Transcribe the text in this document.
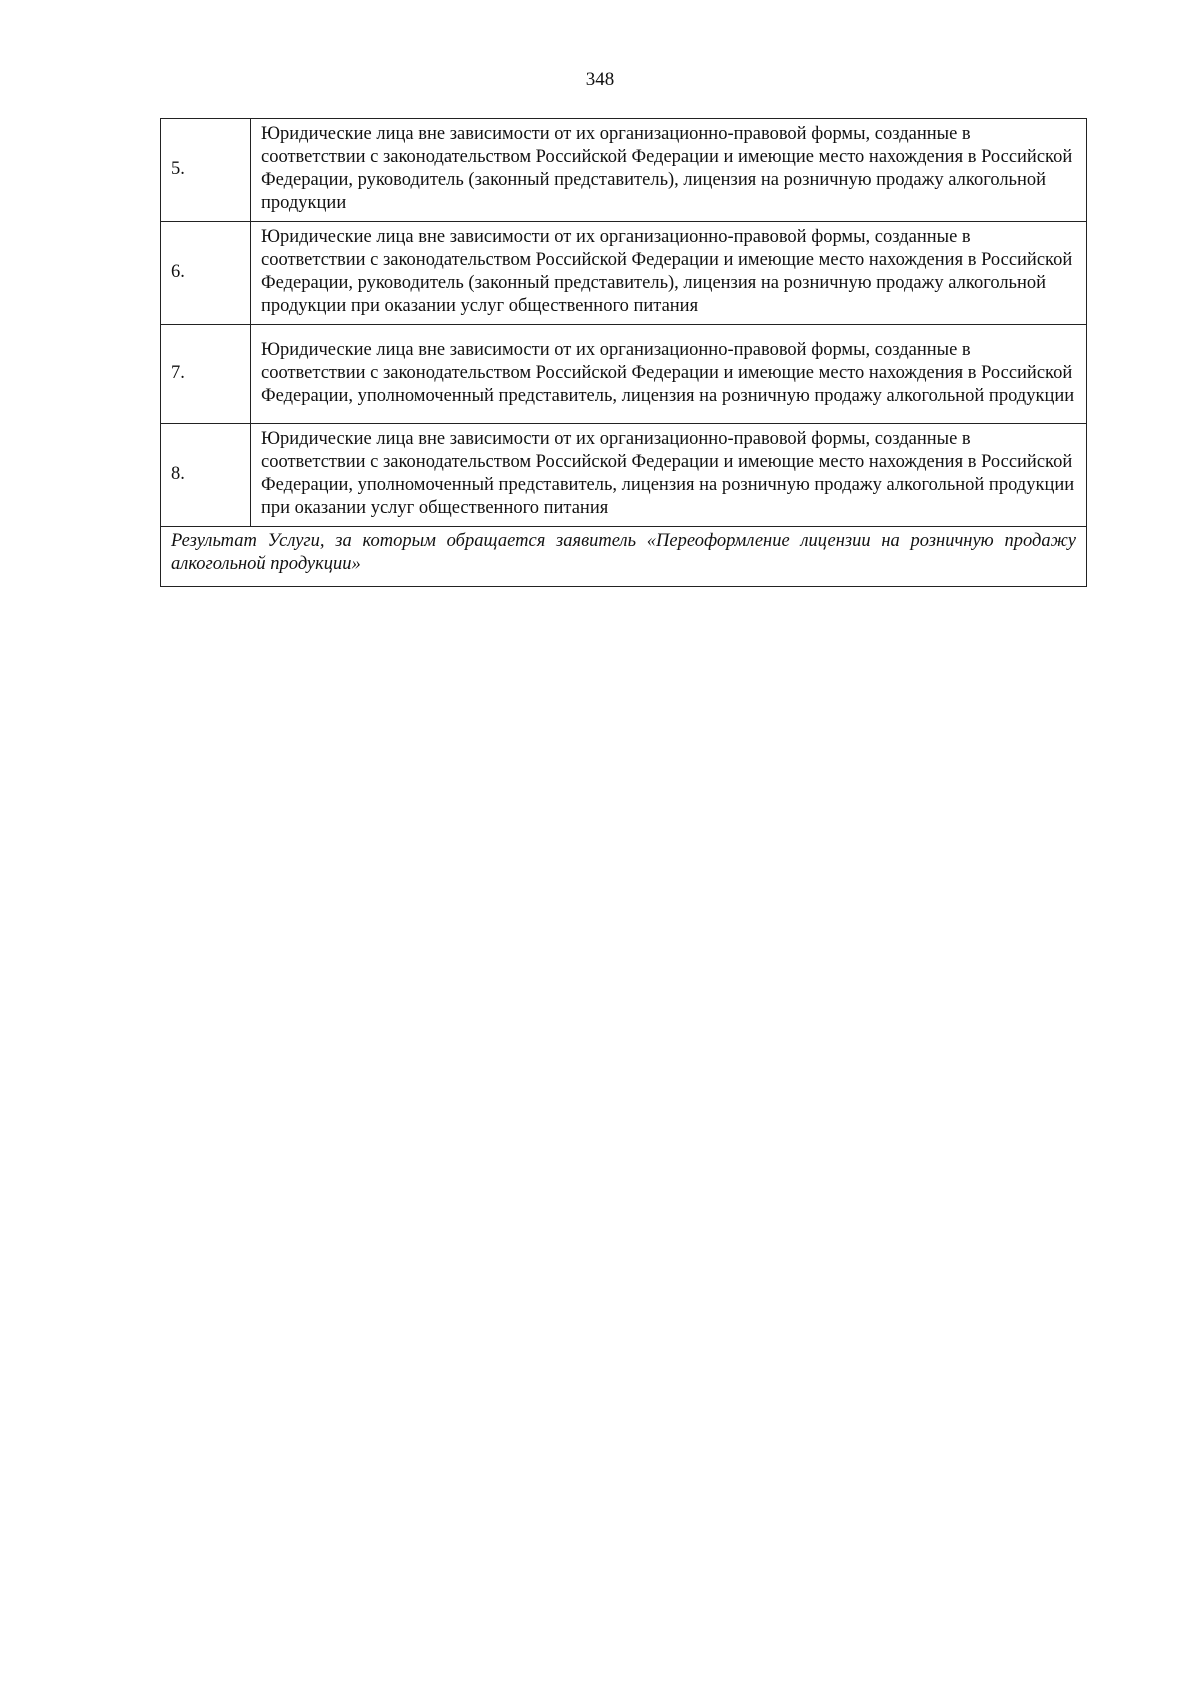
348
5.	Юридические лица вне зависимости от их организационно-правовой формы, созданные в соответствии с законодательством Российской Федерации и имеющие место нахождения в Российской Федерации, руководитель (законный представитель), лицензия на розничную продажу алкогольной продукции
6.	Юридические лица вне зависимости от их организационно-правовой формы, созданные в соответствии с законодательством Российской Федерации и имеющие место нахождения в Российской Федерации, руководитель (законный представитель), лицензия на розничную продажу алкогольной продукции при оказании услуг общественного питания
7.	Юридические лица вне зависимости от их организационно-правовой формы, созданные в соответствии с законодательством Российской Федерации и имеющие место нахождения в Российской Федерации, уполномоченный представитель, лицензия на розничную продажу алкогольной продукции
8.	Юридические лица вне зависимости от их организационно-правовой формы, созданные в соответствии с законодательством Российской Федерации и имеющие место нахождения в Российской Федерации, уполномоченный представитель, лицензия на розничную продажу алкогольной продукции при оказании услуг общественного питания
Результат Услуги, за которым обращается заявитель «Переоформление лицензии на розничную продажу алкогольной продукции»	
